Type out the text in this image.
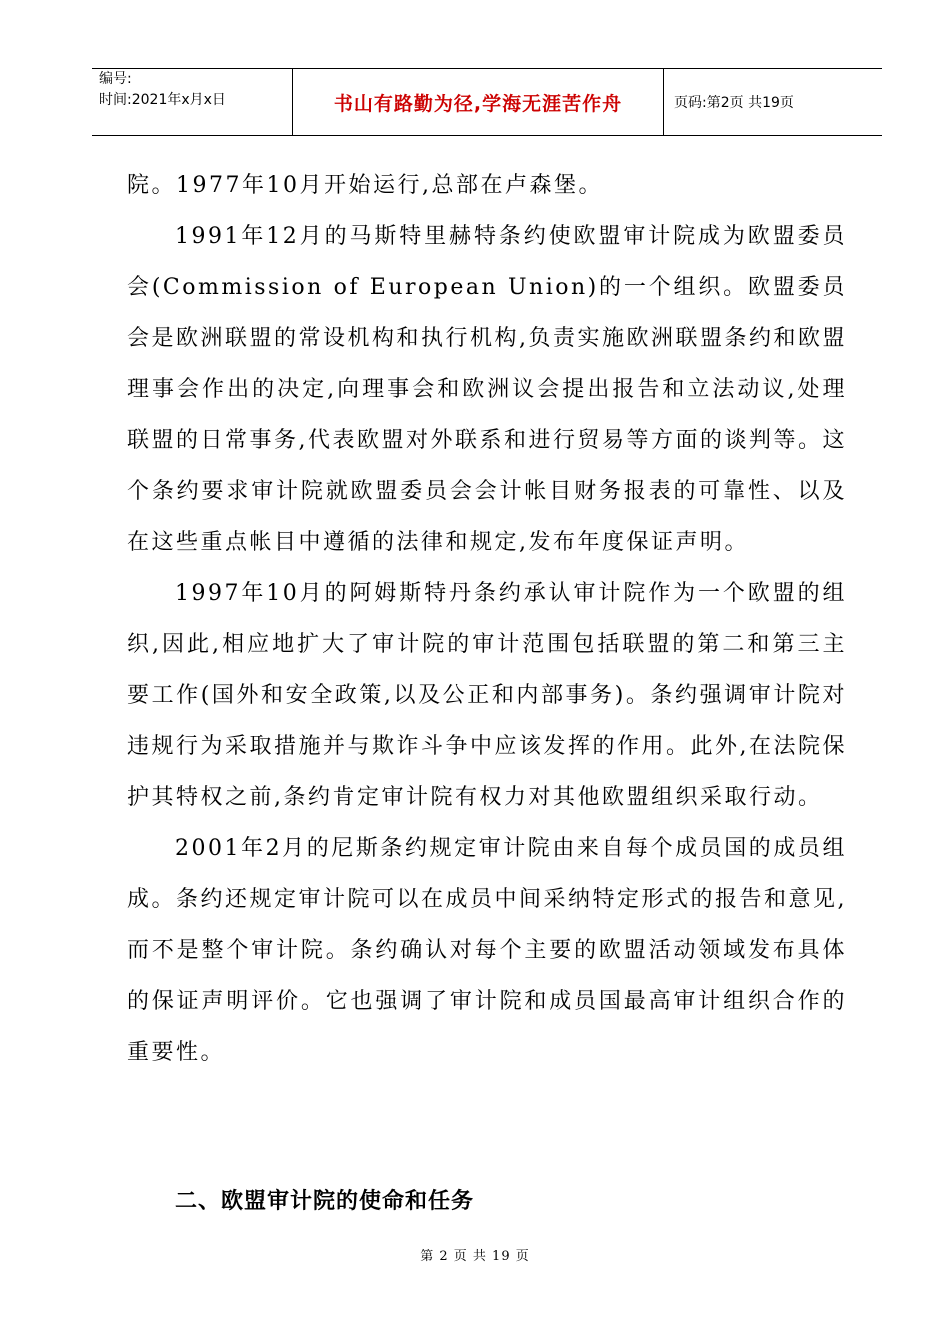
编号:
时间:2021年x月x日	书山有路勤为径,学海无涯苦作舟	页码:第2页 共19页

院。1977年10月开始运行,总部在卢森堡。

1991年12月的马斯特里赫特条约使欧盟审计院成为欧盟委员会(Commission of European Union)的一个组织。欧盟委员会是欧洲联盟的常设机构和执行机构,负责实施欧洲联盟条约和欧盟理事会作出的决定,向理事会和欧洲议会提出报告和立法动议,处理联盟的日常事务,代表欧盟对外联系和进行贸易等方面的谈判等。这个条约要求审计院就欧盟委员会会计帐目财务报表的可靠性、以及在这些重点帐目中遵循的法律和规定,发布年度保证声明。

1997年10月的阿姆斯特丹条约承认审计院作为一个欧盟的组织,因此,相应地扩大了审计院的审计范围包括联盟的第二和第三主要工作(国外和安全政策,以及公正和内部事务)。条约强调审计院对违规行为采取措施并与欺诈斗争中应该发挥的作用。此外,在法院保护其特权之前,条约肯定审计院有权力对其他欧盟组织采取行动。

2001年2月的尼斯条约规定审计院由来自每个成员国的成员组成。条约还规定审计院可以在成员中间采纳特定形式的报告和意见,而不是整个审计院。条约确认对每个主要的欧盟活动领域发布具体的保证声明评价。它也强调了审计院和成员国最高审计组织合作的重要性。

二、欧盟审计院的使命和任务
第 2 页 共 19 页
